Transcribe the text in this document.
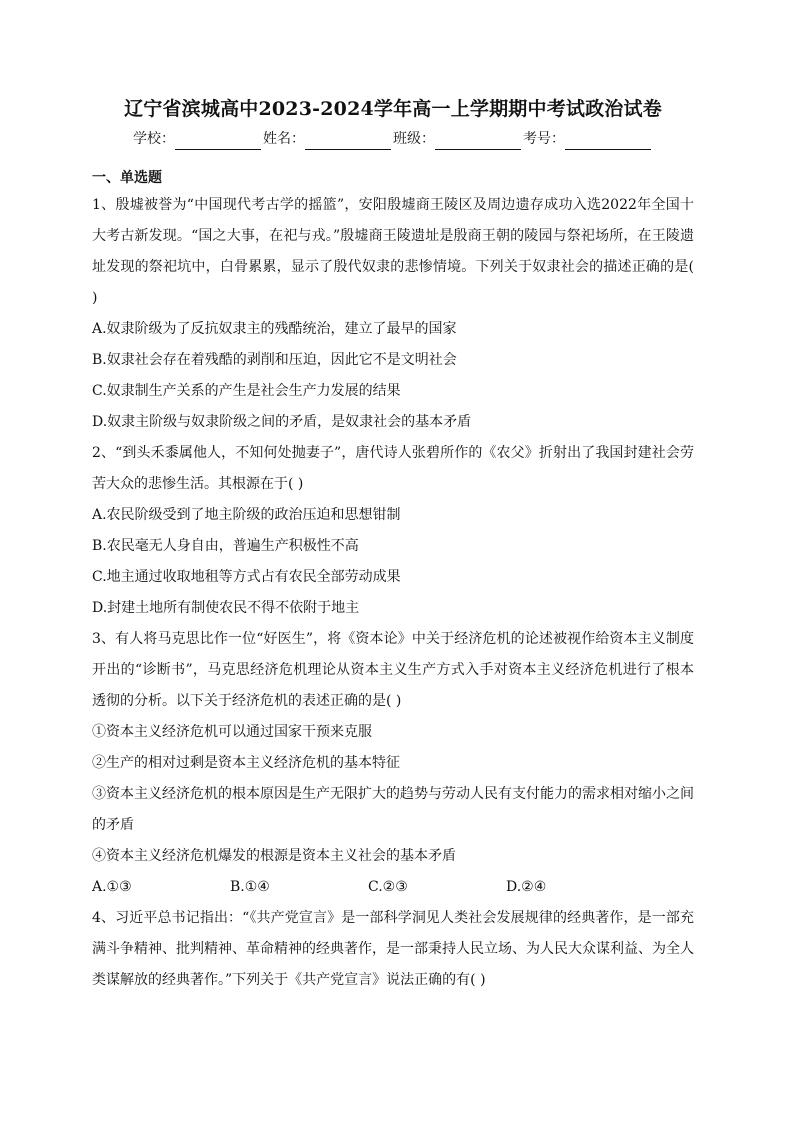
辽宁省滨城高中2023-2024学年高一上学期期中考试政治试卷
学校：	姓名：	班级：	考号：
一、单选题

1、殷墟被誉为“中国现代考古学的摇篮”，安阳殷墟商王陵区及周边遗存成功入选2022年全国十大考古新发现。“国之大事，在祀与戎。”殷墟商王陵遗址是殷商王朝的陵园与祭祀场所，在王陵遗址发现的祭祀坑中，白骨累累，显示了殷代奴隶的悲惨情境。下列关于奴隶社会的描述正确的是( )

A.奴隶阶级为了反抗奴隶主的残酷统治，建立了最早的国家

B.奴隶社会存在着残酷的剥削和压迫，因此它不是文明社会

C.奴隶制生产关系的产生是社会生产力发展的结果

D.奴隶主阶级与奴隶阶级之间的矛盾，是奴隶社会的基本矛盾

2、“到头禾黍属他人，不知何处抛妻子”，唐代诗人张碧所作的《农父》折射出了我国封建社会劳苦大众的悲惨生活。其根源在于( )

A.农民阶级受到了地主阶级的政治压迫和思想钳制

B.农民毫无人身自由，普遍生产积极性不高

C.地主通过收取地租等方式占有农民全部劳动成果

D.封建土地所有制使农民不得不依附于地主

3、有人将马克思比作一位“好医生”，将《资本论》中关于经济危机的论述被视作给资本主义制度开出的“诊断书”，马克思经济危机理论从资本主义生产方式入手对资本主义经济危机进行了根本透彻的分析。以下关于经济危机的表述正确的是( )

①资本主义经济危机可以通过国家干预来克服

②生产的相对过剩是资本主义经济危机的基本特征

③资本主义经济危机的根本原因是生产无限扩大的趋势与劳动人民有支付能力的需求相对缩小之间的矛盾

④资本主义经济危机爆发的根源是资本主义社会的基本矛盾

A.①③	B.①④	C.②③	D.②④

4、习近平总书记指出：“《共产党宣言》是一部科学洞见人类社会发展规律的经典著作，是一部充满斗争精神、批判精神、革命精神的经典著作，是一部秉持人民立场、为人民大众谋利益、为全人类谋解放的经典著作。”下列关于《共产党宣言》说法正确的有( )
